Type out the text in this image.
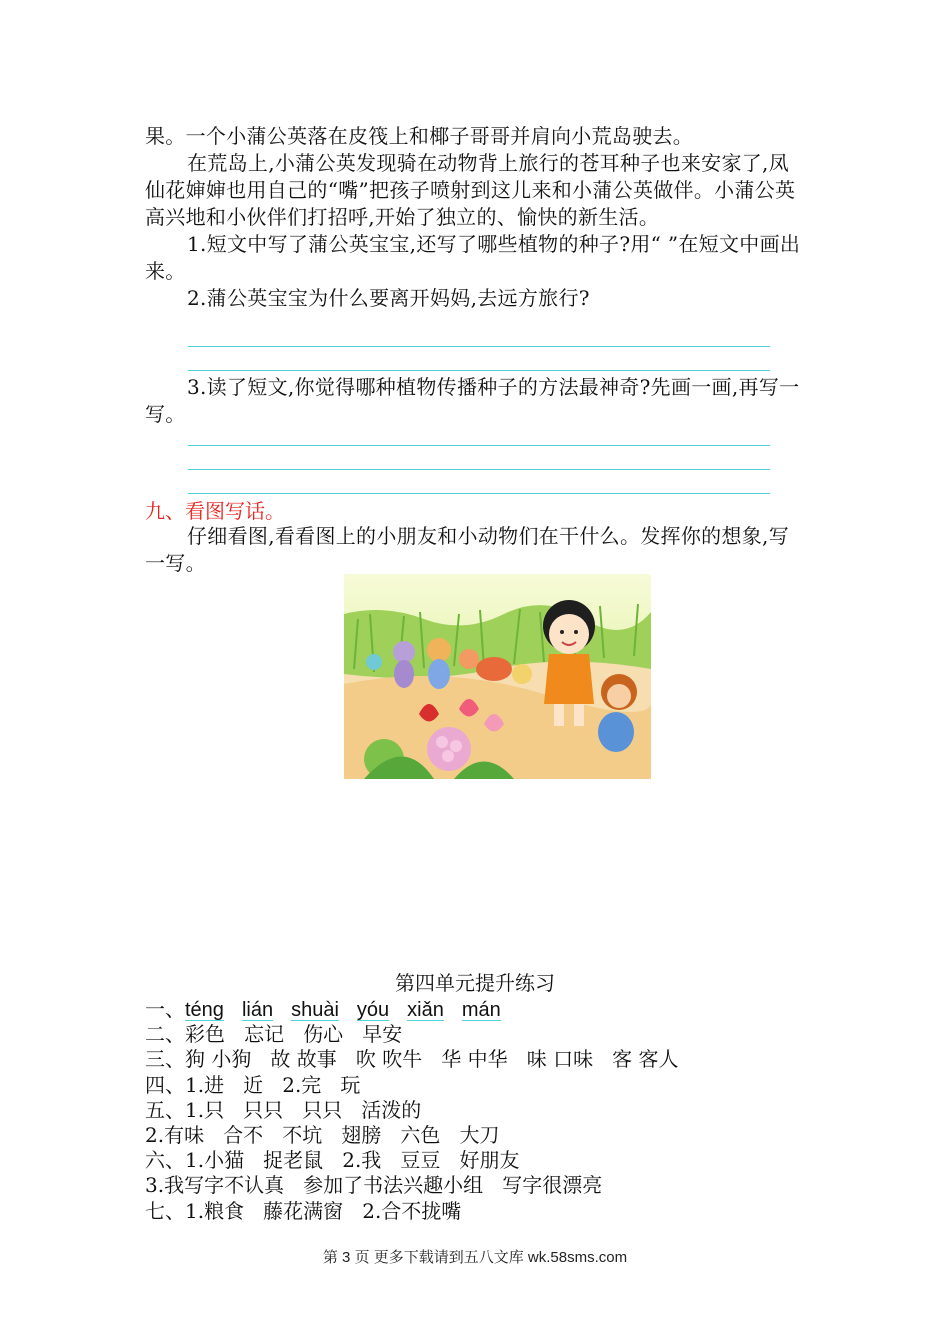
果。一个小蒲公英落在皮筏上和椰子哥哥并肩向小荒岛驶去。

在荒岛上,小蒲公英发现骑在动物背上旅行的苍耳种子也来安家了,凤仙花婶婶也用自己的“嘴”把孩子喷射到这儿来和小蒲公英做伴。小蒲公英高兴地和小伙伴们打招呼,开始了独立的、愉快的新生活。

1.短文中写了蒲公英宝宝,还写了哪些植物的种子?用“ ”在短文中画出来。

2.蒲公英宝宝为什么要离开妈妈,去远方旅行?

3.读了短文,你觉得哪种植物传播种子的方法最神奇?先画一画,再写一写。

九、看图写话。

仔细看图,看看图上的小朋友和小动物们在干什么。发挥你的想象,写一写。

第四单元提升练习
一、téng lián shuài yóu xiǎn mán
二、彩色   忘记   伤心   早安
三、狗 小狗   故 故事   吹 吹牛   华 中华   味 口味   客 客人
四、1.进   近   2.完   玩
五、1.只   只只   只只   活泼的
2.有味   合不   不坑   翅膀   六色   大刀
六、1.小猫   捉老鼠   2.我   豆豆   好朋友
3.我写字不认真   参加了书法兴趣小组   写字很漂亮
七、1.粮食   藤花满窗   2.合不拢嘴
第 3 页 更多下载请到五八文库 wk.58sms.com
